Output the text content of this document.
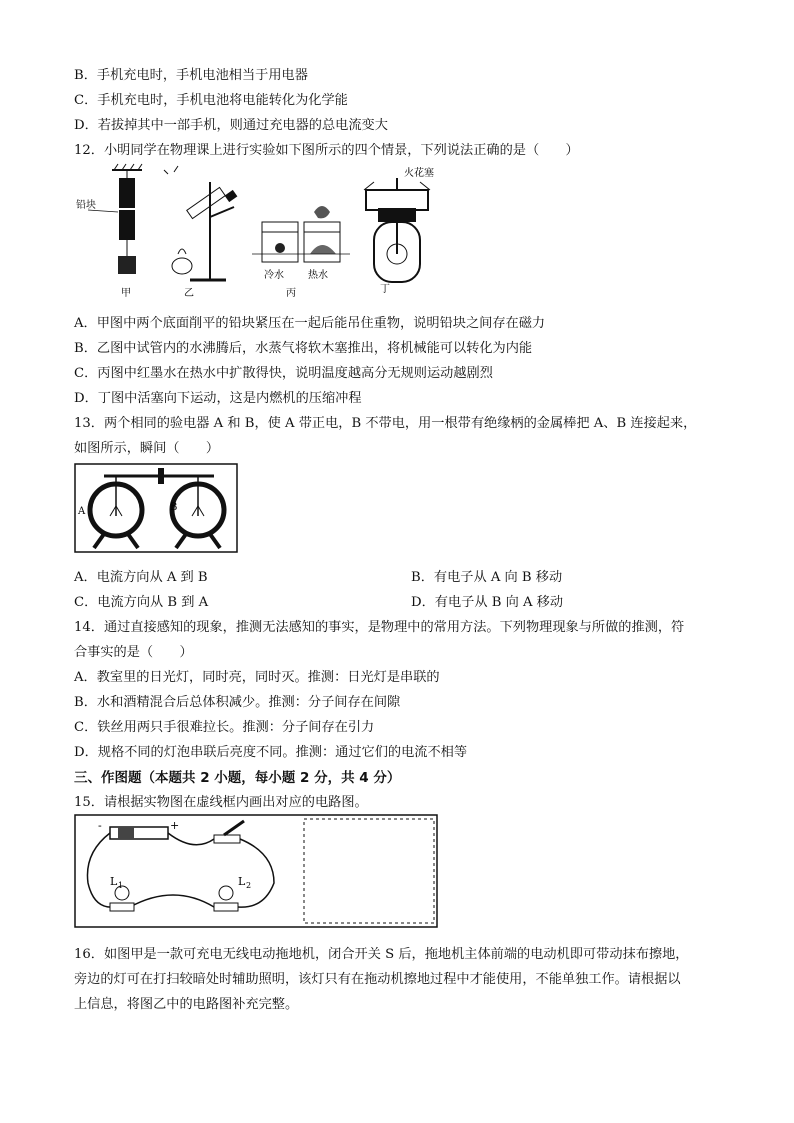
B．手机充电时，手机电池相当于用电器
C．手机充电时，手机电池将电能转化为化学能
D．若拔掉其中一部手机，则通过充电器的总电流变大
12．小明同学在物理课上进行实验如下图所示的四个情景，下列说法正确的是（　　）
铅块
甲	乙
冷水 热水
丙
火花塞
丁
A．甲图中两个底面削平的铅块紧压在一起后能吊住重物，说明铅块之间存在磁力
B．乙图中试管内的水沸腾后，水蒸气将软木塞推出，将机械能可以转化为内能
C．丙图中红墨水在热水中扩散得快，说明温度越高分无规则运动越剧烈
D．丁图中活塞向下运动，这是内燃机的压缩冲程
13．两个相同的验电器 A 和 B，使 A 带正电，B 不带电，用一根带有绝缘柄的金属棒把 A、B 连接起来，
如图所示，瞬间（　　）
A	B
A．电流方向从 A 到 B	B．有电子从 A 向 B 移动
C．电流方向从 B 到 A	D．有电子从 B 向 A 移动
14．通过直接感知的现象，推测无法感知的事实，是物理中的常用方法。下列物理现象与所做的推测，符
合事实的是（　　）
A．教室里的日光灯，同时亮，同时灭。推测：日光灯是串联的
B．水和酒精混合后总体积减少。推测：分子间存在间隙
C．铁丝用两只手很难拉长。推测：分子间存在引力
D．规格不同的灯泡串联后亮度不同。推测：通过它们的电流不相等
三、作图题（本题共 2 小题，每小题 2 分，共 4 分）
15．请根据实物图在虚线框内画出对应的电路图。
-	+
L 1	L 2
16．如图甲是一款可充电无线电动拖地机，闭合开关 S 后，拖地机主体前端的电动机即可带动抹布擦地，
旁边的灯可在打扫较暗处时辅助照明，该灯只有在拖动机擦地过程中才能使用，不能单独工作。请根据以
上信息，将图乙中的电路图补充完整。
